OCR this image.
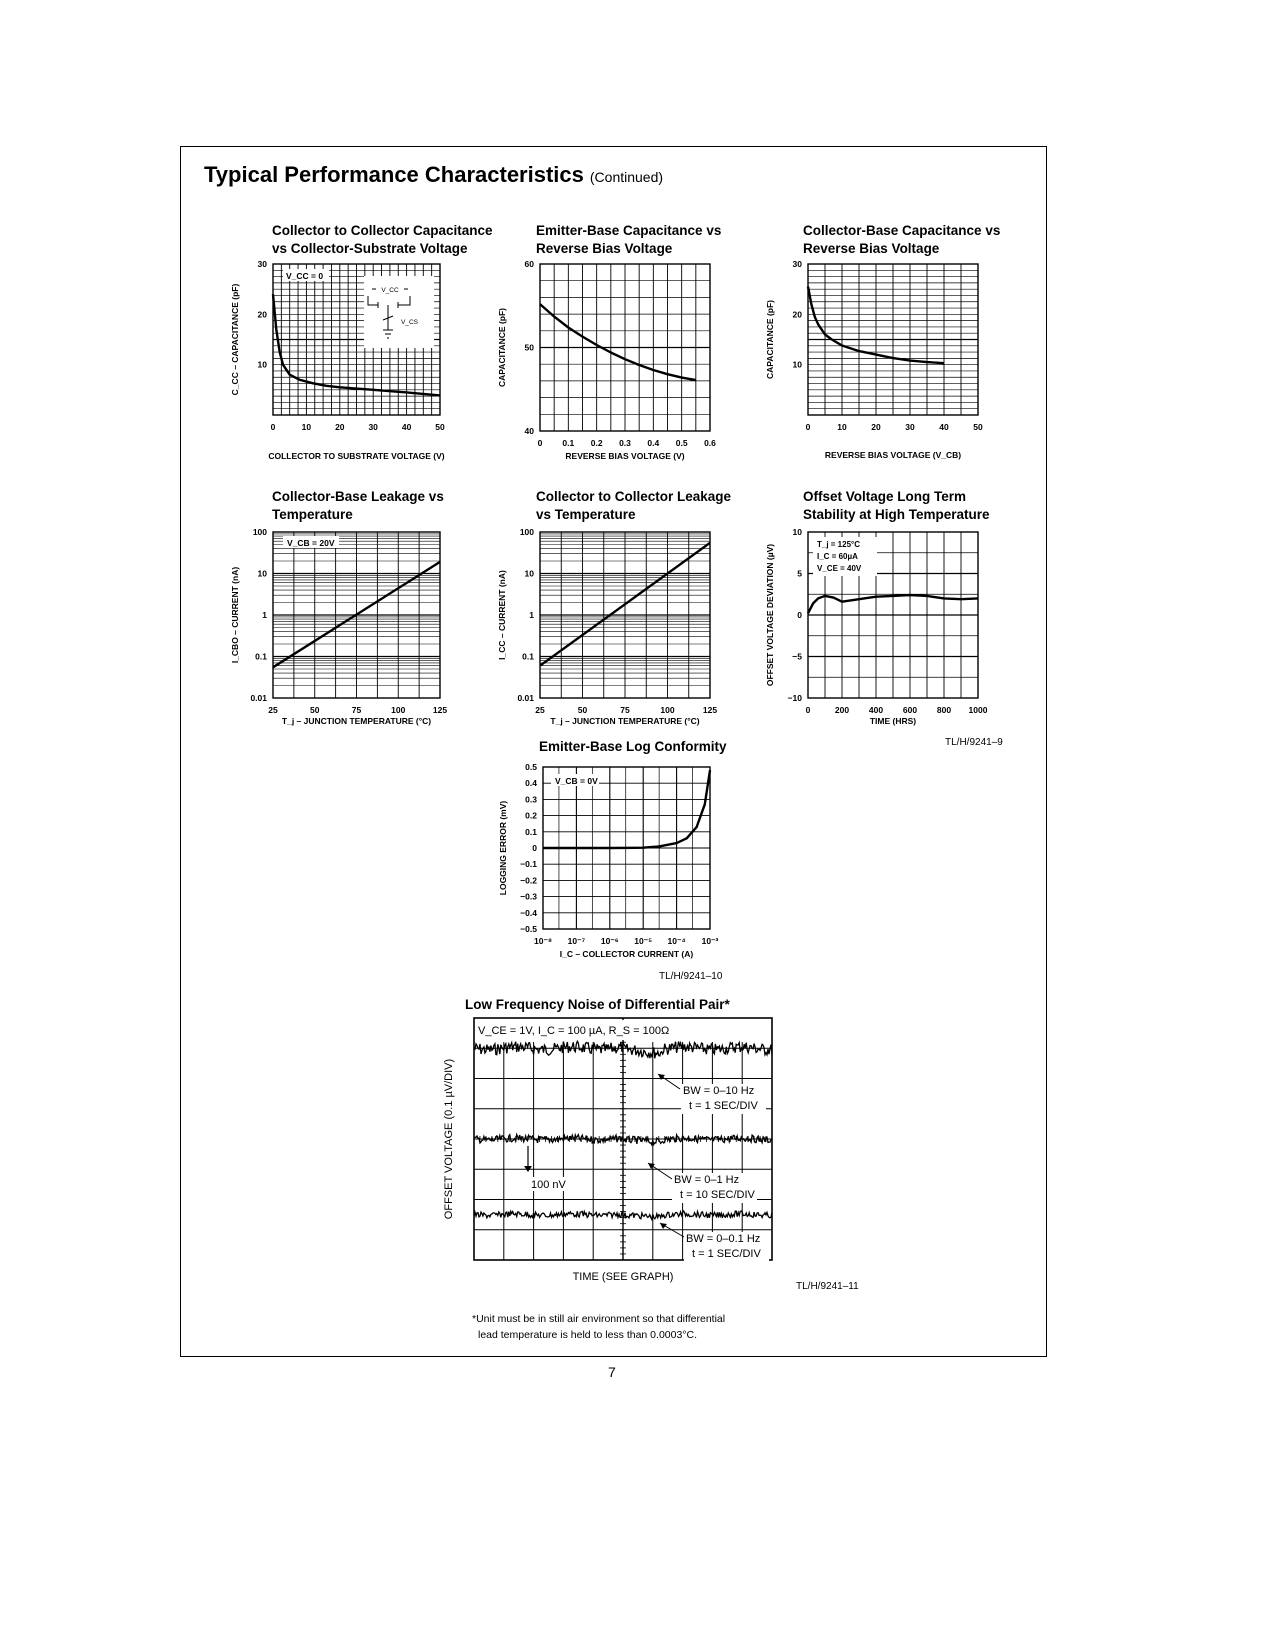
Typical Performance Characteristics (Continued)
Collector to Collector Capacitance
vs Collector-Substrate Voltage
Emitter-Base Capacitance vs
Reverse Bias Voltage
Collector-Base Capacitance vs
Reverse Bias Voltage
Collector-Base Leakage vs
Temperature
Collector to Collector Leakage
vs Temperature
Offset Voltage Long Term
Stability at High Temperature
Emitter-Base Log Conformity
Low Frequency Noise of Differential Pair*
TL/H/9241–9
TL/H/9241–10
TL/H/9241–11
*Unit must be in still air environment so that differential
lead temperature is held to less than 0.0003°C.
7
0	10	20	30	40	50
10
20
30
COLLECTOR TO SUBSTRATE VOLTAGE (V)
C_CC – CAPACITANCE (pF)
0 0.1 0.2 0.3 0.4 0.5 0.6
40
50
60
REVERSE BIAS VOLTAGE (V)
CAPACITANCE (pF)
0	10	20	30	40	50
10
20
30
REVERSE BIAS VOLTAGE (V_CB)
CAPACITANCE (pF)
25	50	75	100	125
0.01
0.1
1
10
100
T_j – JUNCTION TEMPERATURE (°C)
I_CBO – CURRENT (nA)
25	50	75	100	125
0.01
0.1
1
10
100
T_j – JUNCTION TEMPERATURE (°C)
I_CC – CURRENT (nA)
0	200 400 600 800 1000
−10
−5
0
5
10
TIME (HRS)
OFFSET VOLTAGE DEVIATION (µV)
10⁻⁸ 10⁻⁷ 10⁻⁶ 10⁻⁵ 10⁻⁴ 10⁻³
−0.5
−0.4
−0.3
−0.2
−0.1
0
0.1
0.2
0.3
0.4
0.5
I_C – COLLECTOR CURRENT (A)
LOGGING ERROR (mV)
V_CC = 0
V_CC
V_CS
V_CB = 20V	T_j = 125°C
I_C = 60µA
V_CE = 40V
V_CB = 0V
V_CE = 1V, I_C = 100 µA, R_S = 100Ω
BW = 0–10 Hz
t = 1 SEC/DIV
BW = 0–1 Hz
t = 10 SEC/DIV
BW = 0–0.1 Hz
t = 1 SEC/DIV
100 nV
TIME (SEE GRAPH)
OFFSET VOLTAGE (0.1 µV/DIV)
